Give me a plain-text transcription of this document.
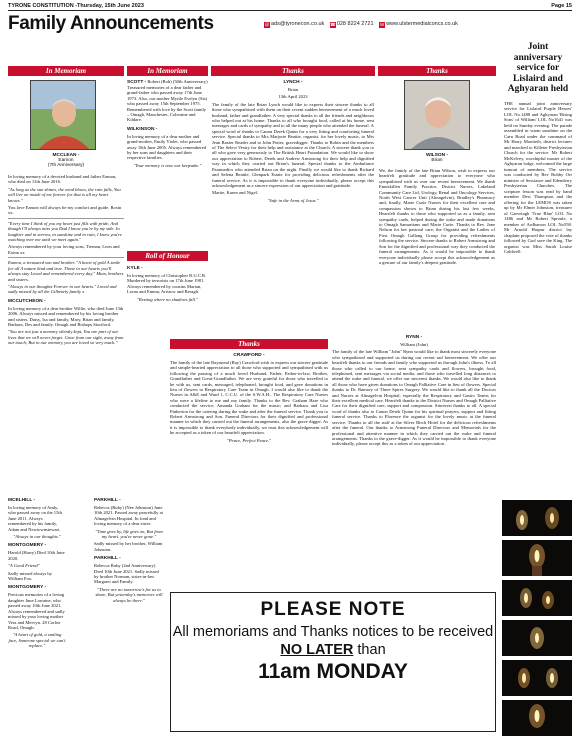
TYRONE CONSTITUTION -Thursday, 15th June 2023	Page 15
Family Announcements	@ ads@tyronecon.co.uk ☎028 8224 2721 W www.ulstermediaiconcs.co.uk
In Memoriam	In Memoriam	Thanks	Thanks
MCCLEAN -
Eamon
(7th Anniversary)

In loving memory of a devoted husband and father Eamon, who died on 13th June 2016.

"As long as the sun shines, the wind blows, the rain falls, You will live on inside of me forever for that is all my heart knows."

You love Eamon will always be my comfort and guide. Rosin xx.

"Every time I think of you my heart just fills with pride, And though I'll always miss you Dad I know you're by my side. In laughter and in sorrow, in sunshine and in rain, I know you're watching over me until we meet again."

Always remembered by your loving sons, Tiernan, Leon and Eoinn xx

Eamon, a treasured son and brother. "A heart of gold A smile for all A nature kind and true. Those in our hearts you'll always stay Loved and remembered every day." Mum, brothers and sisters.

"Always in our thoughts Forever in our hearts." Loved and sadly missed by all the Gilbearty family x

MCCUTCHEON -

In loving memory of a dear brother Willie, who died June 13th 2006. Always missed and remembered by his loving brother and sisters. Daisy, Isa and family, Mary, Brian and family, Barbara, Des and family. Omagh and Bishops Stortford.

"You are not just a memory silently kept, You are part of our lives that we will never forget. Gone from our sight, away from our touch; But in our memory you are loved so very much."

MCELHILL -

In loving memory of Andy, who passed away on the 15th June 2011. Always remembered by his family, Adam and Newtownstewart.

"Always in our thoughts."

MONTGOMERY -

Harold (Harry) Died 10th June 2020.

"A Good Friend"

Sadly missed always by William Fox.

MONTGOMERY -

Precious memories of a loving daughter June Lorraine, who passed away 10th June 2021. Always remembered and sadly missed by your loving mother Vera and Mervyn. 28 Corlea Road, Omagh.

"A heart of gold, a smiling face, Someone special we can't replace."

PARKHILL -

Rebecca (Ruby) (Nee Johnston) June 10th 2021. Passed away peacefully at Altnagelvin Hospital. In fond and loving memory of a dear sister.

"Time goes by, life goes on, But from my heart, you're never gone."

Sadly missed by her brother, William Johnston.

PARKHILL -

Rebecca Ruby (2nd Anniversary) Died 10th June 2021. Sadly missed by brother Norman, sister-in-law Margaret and Family.

"There are no tomorrow's for us to share, But yesterday's memories will always be there."

SCOTT - Robert (Bob) (50th Anniversary) Treasured memories of a dear father and grand-father who passed away 17th June 1973. Also, our mother Myrtle Evelyn (Sis) who passed away 15th September 1975. Remembered with love by the Scott family – Omagh, Manchester, Coleraine and Kildare.

WILKINSON -

In loving memory of a dear mother and grand-mother, Emily Violet, who passed away 16th June 2005. Always remembered by her sons and daughters and their respective families.

"Your memory is now our keepsake."

Roll of Honour

KYLE -

In loving memory of Christopher R.U.C.R. Murdered by terrorists on 17th June 1981. Always remembered by cousins Marian, Lorna and Emma, Aristow and Beragh.

"Resting where no shadows fall."

LYNCH -

Brian

13th April 2023

The family of the late Brian Lynch would like to express their sincere thanks to all those who sympathised with them on their recent sudden bereavement of a much loved husband, father and grandfather. A very special thanks to all the friends and neighbours who helped out at his home. Thanks to all who brought food, called at his home, sent messages and cards of sympathy and to all the many people who attended the funeral. A special word of thanks to Canon Derek Quinn for a very fitting and comforting funeral service. Special thanks to Mrs Marjorie Beattie, organist, for her lovely music, to Mrs Jean Baxter Reader and to John Potter, gravedigger. Thanks to Robin and the members of The Select Vestry for their help and assistance at the Church. A sincere thank you to all who gave very generously to The British Heart Foundation. We would like to show our appreciation to Robert, Derek and Andrew Armstrong for their help and dignified way in which they carried out Brian's funeral. Special thanks to the Ambulance Paramedics who attended Brian on the night. Finally we would like to thank Richard and Selena Beattie, Glenpark Estate for providing delicious refreshments after the funeral service. As it is impossible to thank everyone individually, please accept this acknowledgement as a sincere expression of our appreciation and gratitude.

Martie, Karen and Nigel.

"Safe in the Arms of Jesus."

WILSON -
Brian

We, the family of the late Brian Wilson, wish to express our heartfelt gratitude and appreciation to everyone who sympathised with us over our recent bereavement. We thank Enniskillen Family Practice, District Nurses, Lakeland Community Care Ltd, Urology, Renal and Oncology Services, North West Cancer Unit (Altnagelvin), Bradley's Pharmacy and, finally, Marie Curie Nurses for their excellent care and compassion shown to Brian during his last few weeks. Heartfelt thanks to those who supported us as a family, sent sympathy cards, helped during the wake and made donations to Omagh Samaritans and Marie Curie. Thanks to Rev. Jane Nelson for her pastoral care; the Organist and the Ladies of First Omagh Gallang Group for providing refreshments following the service. Sincere thanks to Robert Armstrong and Son for the dignified and professional way they conducted the funeral arrangements. As it would be impossible to thank everyone individually please accept this acknowledgement as a gesture of our family's deepest gratitude.

Thanks

CRAWFORD -

The family of the late Raymond (Ray) Crawford wish to express our sincere gratitude and simple-hearted appreciation to all those who supported and sympathised with us following the passing of a much loved Husband, Father, Father-in-law, Brother, Grandfather and Great-Grandfather. We are very grateful for those who travelled to be with us, sent cards, messaged, telephoned, brought food, and gave donations in lieu of flowers to Respiratory Care Team in Omagh. I would also like to thank the Nurses in A&E and Ward 1, C.C.U. of the S.W.A.H., The Respiratory Care Nurses who were a lifeline to me and my family. Thanks to the Rev. Graham Hare who conducted the service; Amanda Graham for the music; and Barbara and Lisa Pinkerton for the catering during the wake and after the funeral service. Thank you to Robert Armstrong and Son, Funeral Directors for their dignified and professional manner in which they carried out the funeral arrangements, also the grave digger. As it is impossible to thank everybody individually, we trust this acknowledgement will be accepted as a token of our heartfelt appreciation.

"Peace, Perfect Peace."

RYNN -

William (John)

The family of the late William "John" Rynn would like to thank most sincerely everyone who sympathised and supported us during our recent sad bereavement. We offer our heartfelt thanks to our friends and family who supported us through John's illness. To all those who called to our home, sent sympathy cards and flowers, brought food, telephoned, sent messages via social media, and those who travelled long distances to attend the wake and funeral, we offer our sincerest thanks. We would also like to thank all those who have given donations to Omagh Palliative Care in lieu of flowers. Special thanks to Dr. Ramsey of Three Spires Surgery. We would like to thank all the Doctors and Nurses at Altnagelvin Hospital, especially the Respiratory and Gastro Teams for their excellent medical care. Heartfelt thanks to the District Nurses and Omagh Palliative Care for their dignified care, support and compassion. Sincerest thanks to all. A special word of thanks also to Canon Derek Quinn for his spiritual prayers, support and fitting funeral service. Thanks to Florence the organist for the lovely music at the funeral service. Thanks to all the staff at the Silver Birch Hotel for the delicious refreshments after the funeral. Our thanks to Armstrong Funeral Directors and Memorials for the professional and attentive manner in which they carried out the wake and funeral arrangements. Thanks to the grave-digger. As it would be impossible to thank everyone individually, please accept this as a token of our appreciation.

PLEASE NOTE
All memoriams and Thanks notices to be received
NO LATER than
11am MONDAY
Joint anniversary service for Lislaird and Aghyaran held
THE annual joint anniversary service for Lislaird Purple Heroes' LOL No.1488 and Aghyaran 'Rising Sons' of William' LOL No1641 was held on Sunday evening. The parade assembled in warm sunshine on the Carn Road under the command of Mr Harry Montieth, district lecturer and marched to Killeter Presbyterian Church for the service. Mr Robert McKelvey, worshipful master of the Aghyaran lodge, welcomed the large turnout of members. The service was conducted by Rev Bobby Orr minister of Sessiasoe and Edenderry Presbyterian Churches. The scripture lesson was read by band member Desi Thompson and the offering for the LEMOS was taken up by Mr Elmer Johnston, treasurer of Garvetagh 'True Blue' LOL No 1486 and Mr Robert Sproule, a member of Ardbarron LOL No558. Mr Arnold Harpur district lay chaplain proposed the vote of thanks followed by God save the King. The organist was Miss Sarah Louise Caldwell.
